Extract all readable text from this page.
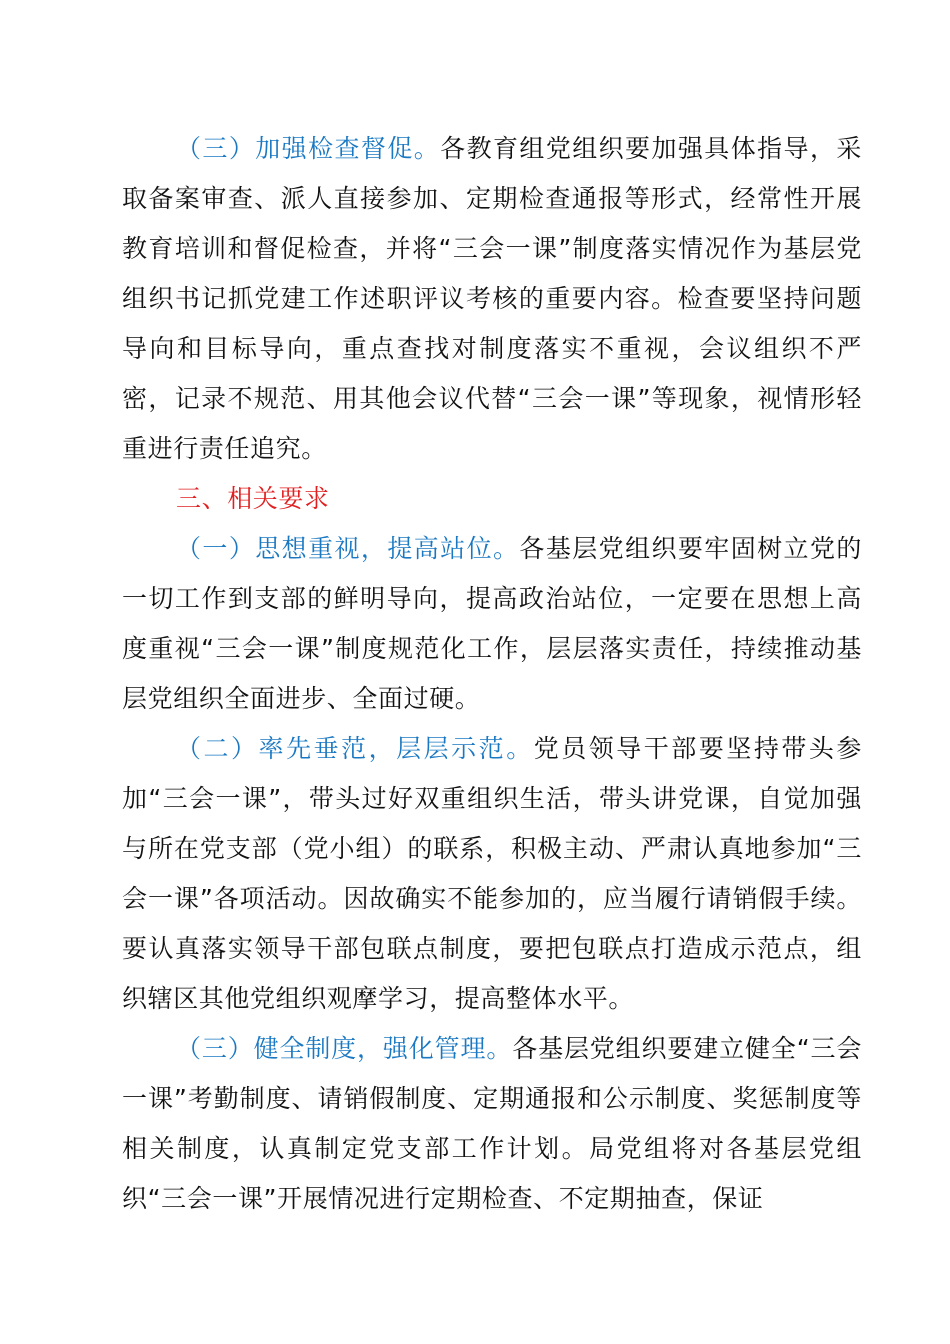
（三）加强检查督促。各教育组党组织要加强具体指导，采取备案审查、派人直接参加、定期检查通报等形式，经常性开展教育培训和督促检查，并将“三会一课”制度落实情况作为基层党组织书记抓党建工作述职评议考核的重要内容。检查要坚持问题导向和目标导向，重点查找对制度落实不重视，会议组织不严密，记录不规范、用其他会议代替“三会一课”等现象，视情形轻重进行责任追究。

三、相关要求

（一）思想重视，提高站位。各基层党组织要牢固树立党的一切工作到支部的鲜明导向，提高政治站位，一定要在思想上高度重视“三会一课”制度规范化工作，层层落实责任，持续推动基层党组织全面进步、全面过硬。

（二）率先垂范，层层示范。党员领导干部要坚持带头参加“三会一课”，带头过好双重组织生活，带头讲党课，自觉加强与所在党支部（党小组）的联系，积极主动、严肃认真地参加“三会一课”各项活动。因故确实不能参加的，应当履行请销假手续。要认真落实领导干部包联点制度，要把包联点打造成示范点，组织辖区其他党组织观摩学习，提高整体水平。

（三）健全制度，强化管理。各基层党组织要建立健全“三会一课”考勤制度、请销假制度、定期通报和公示制度、奖惩制度等相关制度，认真制定党支部工作计划。局党组将对各基层党组织“三会一课”开展情况进行定期检查、不定期抽查，保证
